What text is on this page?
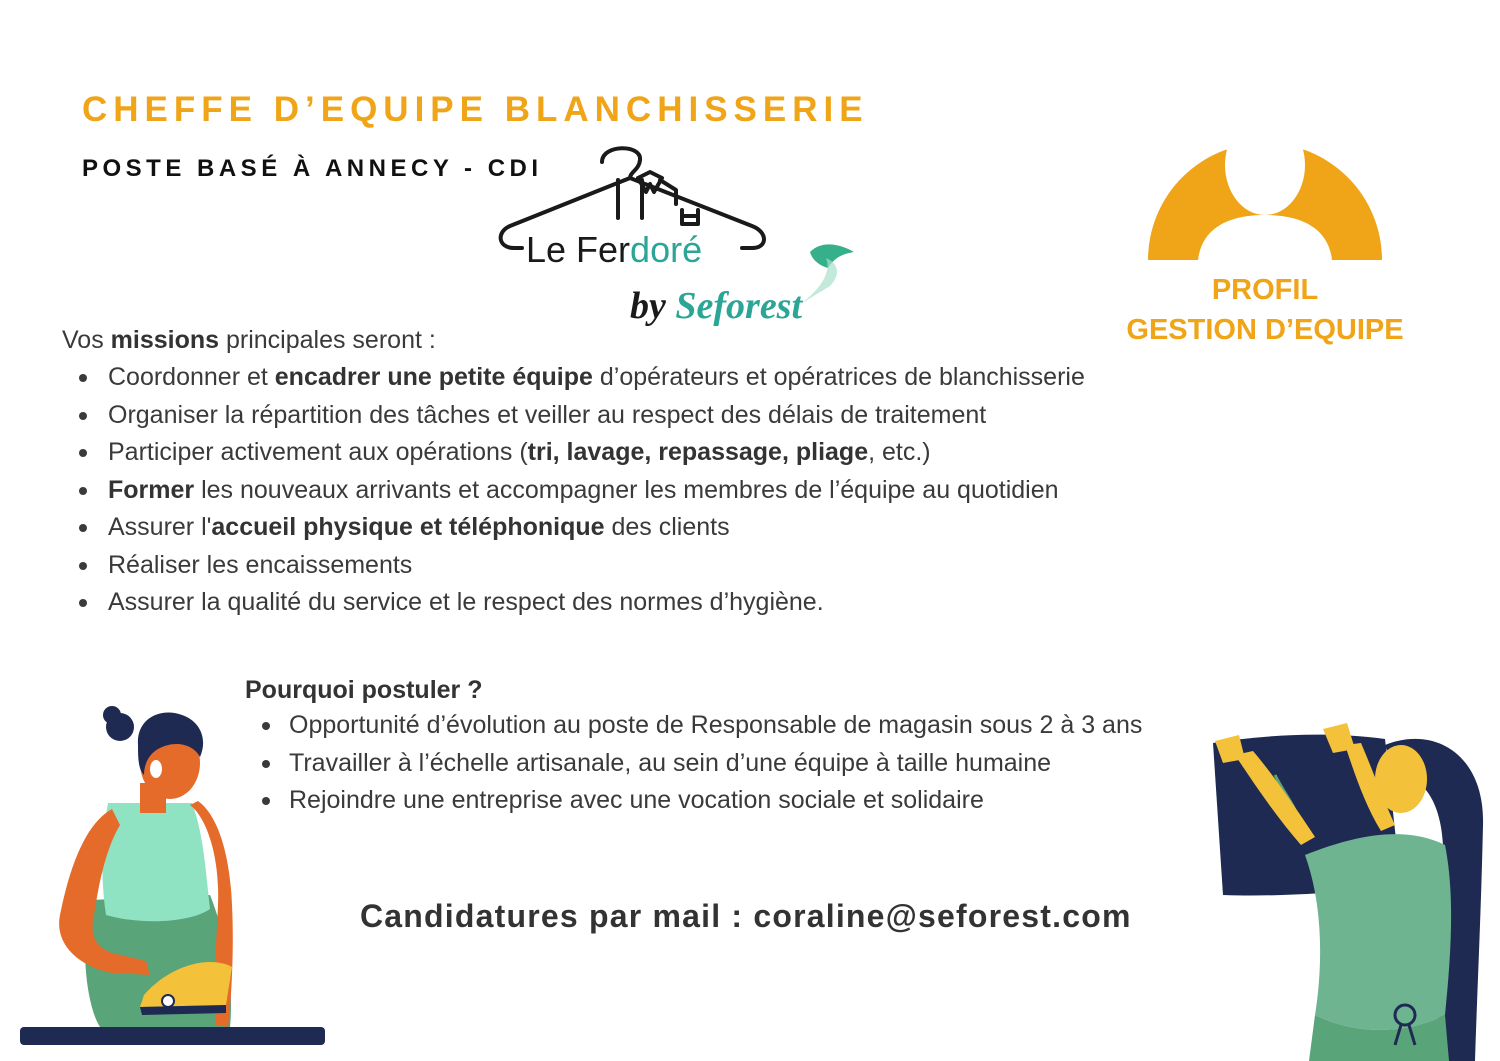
CHEFFE D’EQUIPE BLANCHISSERIE
POSTE BASÉ À ANNECY - CDI
Le Ferdoré
by Seforest	PROFIL
GESTION D’EQUIPE

Vos missions principales seront :

Coordonner et encadrer une petite équipe d’opérateurs et opératrices de blanchisserie
Organiser la répartition des tâches et veiller au respect des délais de traitement
Participer activement aux opérations (tri, lavage, repassage, pliage, etc.)
Former les nouveaux arrivants et accompagner les membres de l’équipe au quotidien
Assurer l'accueil physique et téléphonique des clients
Réaliser les encaissements
Assurer la qualité du service et le respect des normes d’hygiène.

Pourquoi postuler ?

Opportunité d’évolution au poste de Responsable de magasin sous 2 à 3 ans
Travailler à l’échelle artisanale, au sein d’une équipe à taille humaine
Rejoindre une entreprise avec une vocation sociale et solidaire

Candidatures par mail : coraline@seforest.com
